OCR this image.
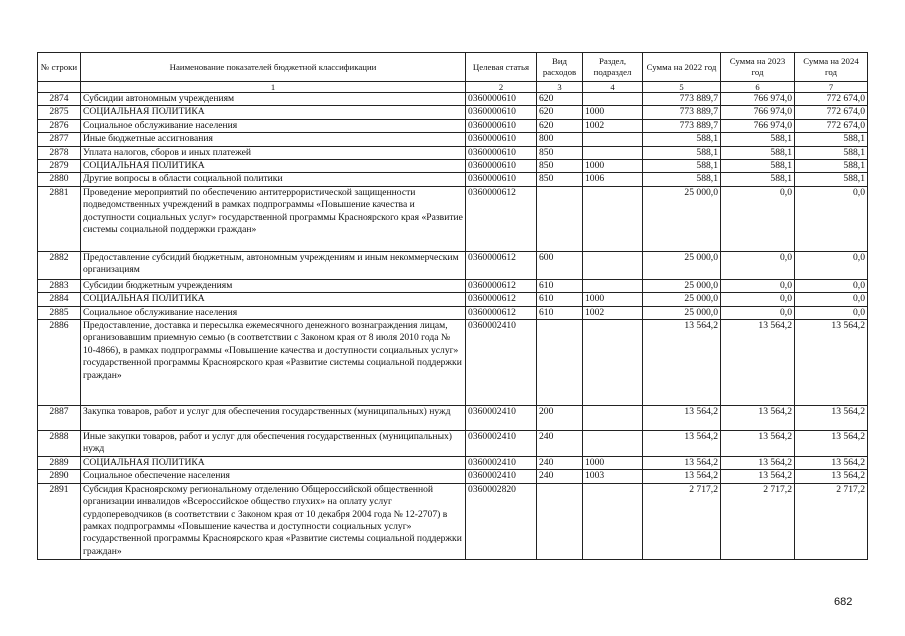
№ строки	Наименование показателей бюджетной классификации	Целевая статья	Вид расходов	Раздел, подраздел	Сумма на 2022 год	Сумма на 2023 год	Сумма на 2024 год
	1	2	3	4	5	6	7
2874	Субсидии автономным учреждениям	0360000610	620		773 889,7	766 974,0	772 674,0
2875	СОЦИАЛЬНАЯ ПОЛИТИКА	0360000610	620	1000	773 889,7	766 974,0	772 674,0
2876	Социальное обслуживание населения	0360000610	620	1002	773 889,7	766 974,0	772 674,0
2877	Иные бюджетные ассигнования	0360000610	800		588,1	588,1	588,1
2878	Уплата налогов, сборов и иных платежей	0360000610	850		588,1	588,1	588,1
2879	СОЦИАЛЬНАЯ ПОЛИТИКА	0360000610	850	1000	588,1	588,1	588,1
2880	Другие вопросы в области социальной политики	0360000610	850	1006	588,1	588,1	588,1
2881	Проведение мероприятий по обеспечению антитеррористической защищенности подведомственных учреждений в рамках подпрограммы «Повышение качества и доступности социальных услуг» государственной программы Красноярского края «Развитие системы социальной поддержки граждан»	0360000612			25 000,0	0,0	0,0
2882	Предоставление субсидий бюджетным, автономным учреждениям и иным некоммерческим организациям	0360000612	600		25 000,0	0,0	0,0
2883	Субсидии бюджетным учреждениям	0360000612	610		25 000,0	0,0	0,0
2884	СОЦИАЛЬНАЯ ПОЛИТИКА	0360000612	610	1000	25 000,0	0,0	0,0
2885	Социальное обслуживание населения	0360000612	610	1002	25 000,0	0,0	0,0
2886	Предоставление, доставка и пересылка ежемесячного денежного вознаграждения лицам, организовавшим приемную семью (в соответствии с Законом края от 8 июля 2010 года № 10-4866), в рамках подпрограммы «Повышение качества и доступности социальных услуг» государственной программы Красноярского края «Развитие системы социальной поддержки граждан»	0360002410			13 564,2	13 564,2	13 564,2
2887	Закупка товаров, работ и услуг для обеспечения государственных (муниципальных) нужд	0360002410	200		13 564,2	13 564,2	13 564,2
2888	Иные закупки товаров, работ и услуг для обеспечения государственных (муниципальных) нужд	0360002410	240		13 564,2	13 564,2	13 564,2
2889	СОЦИАЛЬНАЯ ПОЛИТИКА	0360002410	240	1000	13 564,2	13 564,2	13 564,2
2890	Социальное обеспечение населения	0360002410	240	1003	13 564,2	13 564,2	13 564,2
2891	Субсидия Красноярскому региональному отделению Общероссийской общественной организации инвалидов «Всероссийское общество глухих» на оплату услуг сурдопереводчиков (в соответствии с Законом края от 10 декабря 2004 года № 12-2707) в рамках подпрограммы «Повышение качества и доступности социальных услуг» государственной программы Красноярского края «Развитие системы социальной поддержки граждан»	0360002820			2 717,2	2 717,2	2 717,2
682
